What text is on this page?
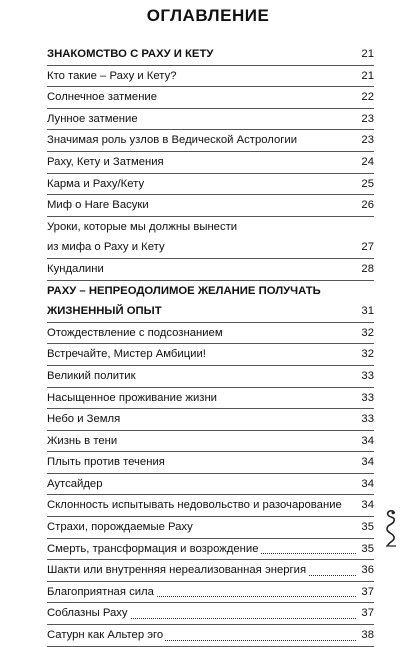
ОГЛАВЛЕНИЕ
ЗНАКОМСТВО С РАХУ И КЕТУ	21
Кто такие – Раху и Кету?	21
Солнечное затмение	22
Лунное затмение	23
Значимая роль узлов в Ведической Астрологии	23
Раху, Кету и Затмения	24
Карма и Раху/Кету	25
Миф о Наге Васуки	26
Уроки, которые мы должны вынести
из мифа о Раху и Кету	27
Кундалини	28
РАХУ – НЕПРЕОДОЛИМОЕ ЖЕЛАНИЕ ПОЛУЧАТЬ
ЖИЗНЕННЫЙ ОПЫТ	31
Отождествление с подсознанием	32
Встречайте, Мистер Амбиции!	32
Великий политик	33
Насыщенное проживание жизни	33
Небо и Земля	33
Жизнь в тени	34
Плыть против течения	34
Аутсайдер	34
Склонность испытывать недовольство и разочарование	34
Страхи, порождаемые Раху	35
Смерть, трансформация и возрождение	35
Шакти или внутренняя нереализованная энергия	36
Благоприятная сила	37
Соблазны Раху	37
Сатурн как Альтер эго	38
